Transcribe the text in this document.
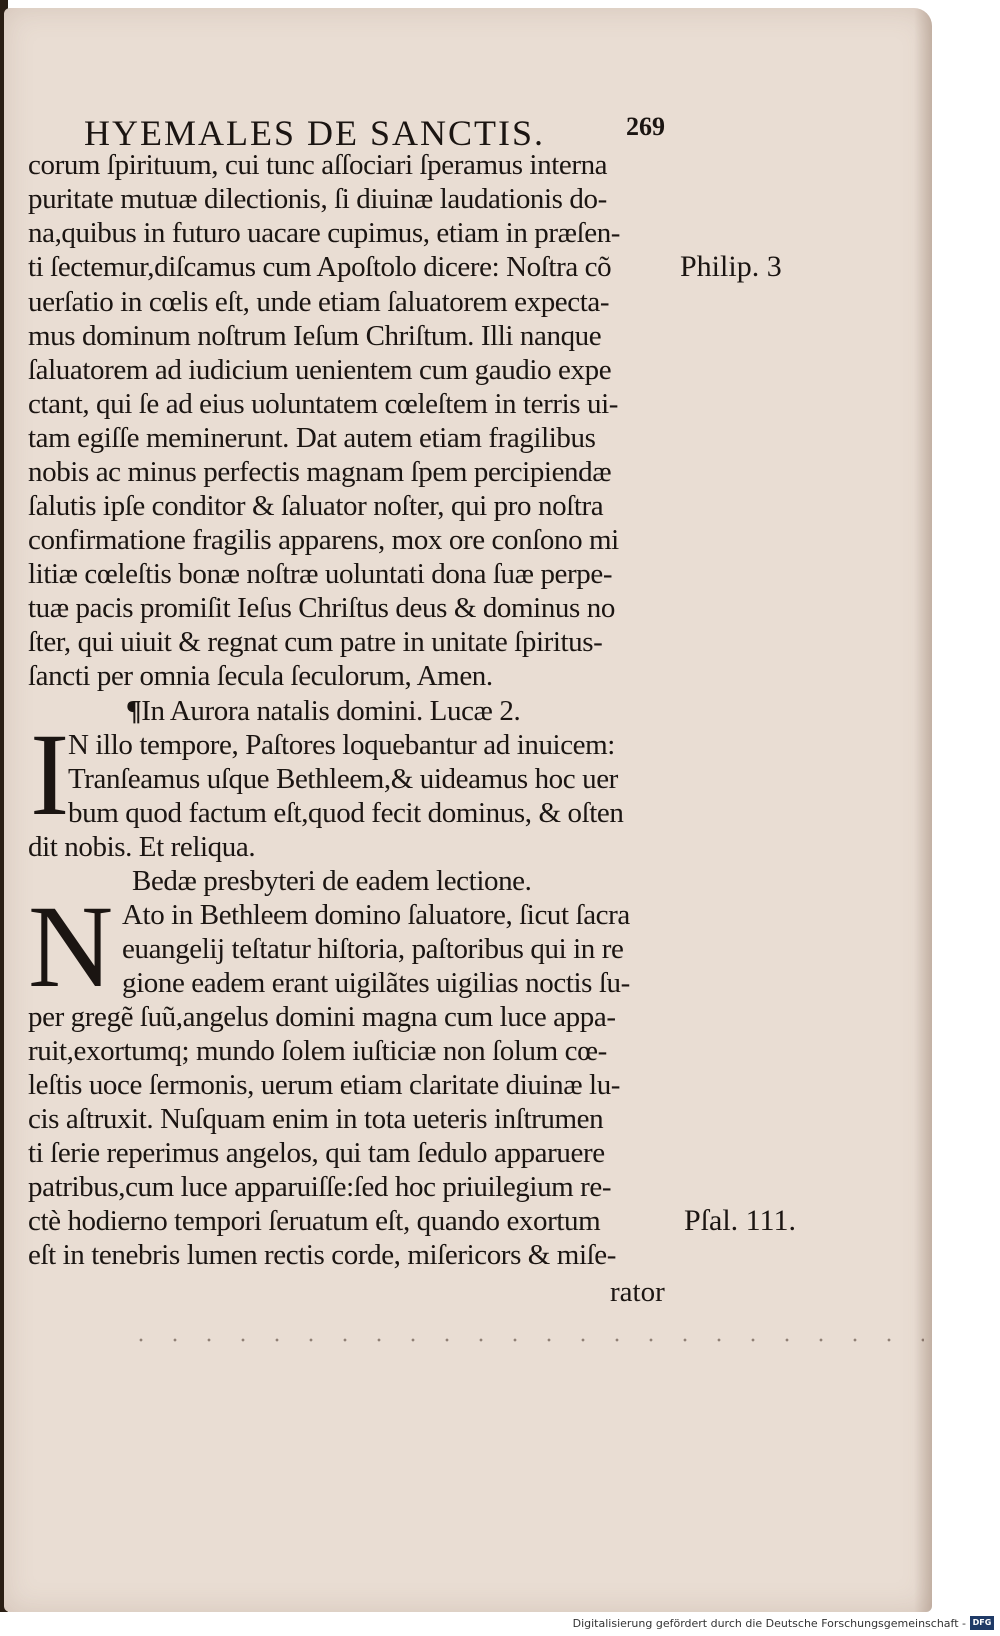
HYEMALES DE SANCTIS.	269
corum ſpirituum, cui tunc aſſociari ſperamus interna
puritate mutuæ dilectionis, ſi diuinæ laudationis do-
na,quibus in futuro uacare cupimus, etiam in præſen-
ti ſectemur,diſcamus cum Apoſtolo dicere: Noſtra cõ
uerſatio in cœlis eſt, unde etiam ſaluatorem expecta-
mus dominum noſtrum Ieſum Chriſtum. Illi nanque
ſaluatorem ad iudicium uenientem cum gaudio expe
ctant, qui ſe ad eius uoluntatem cœleſtem in terris ui-
tam egiſſe meminerunt. Dat autem etiam fragilibus
nobis ac minus perfectis magnam ſpem percipiendæ
ſalutis ipſe conditor & ſaluator noſter, qui pro noſtra
confirmatione fragilis apparens, mox ore conſono mi
litiæ cœleſtis bonæ noſtræ uoluntati dona ſuæ perpe-
tuæ pacis promiſit Ieſus Chriſtus deus & dominus no
ſter, qui uiuit & regnat cum patre in unitate ſpiritus-
ſancti per omnia ſecula ſeculorum, Amen.
Philip. 3
¶In Aurora natalis domini. Lucæ 2.
I
N illo tempore, Paſtores loquebantur ad inuicem:
Tranſeamus uſque Bethleem,& uideamus hoc uer
bum quod factum eſt,quod fecit dominus, & oſten
dit nobis. Et reliqua.
Bedæ presbyteri de eadem lectione.
N Ato in Bethleem domino ſaluatore, ſicut ſacra
euangelij teſtatur hiſtoria, paſtoribus qui in re
gione eadem erant uigilãtes uigilias noctis ſu-
per gregẽ ſuũ,angelus domini magna cum luce appa-
ruit,exortumq; mundo ſolem iuſticiæ non ſolum cœ-
leſtis uoce ſermonis, uerum etiam claritate diuinæ lu-
cis aſtruxit. Nuſquam enim in tota ueteris inſtrumen
ti ſerie reperimus angelos, qui tam ſedulo apparuere
patribus,cum luce apparuiſſe:ſed hoc priuilegium re-
ctè hodierno tempori ſeruatum eſt, quando exortum
eſt in tenebris lumen rectis corde, miſericors & miſe-
Pſal. 111.
rator
Digitalisierung gefördert durch die Deutsche Forschungsgemeinschaft - DFG
